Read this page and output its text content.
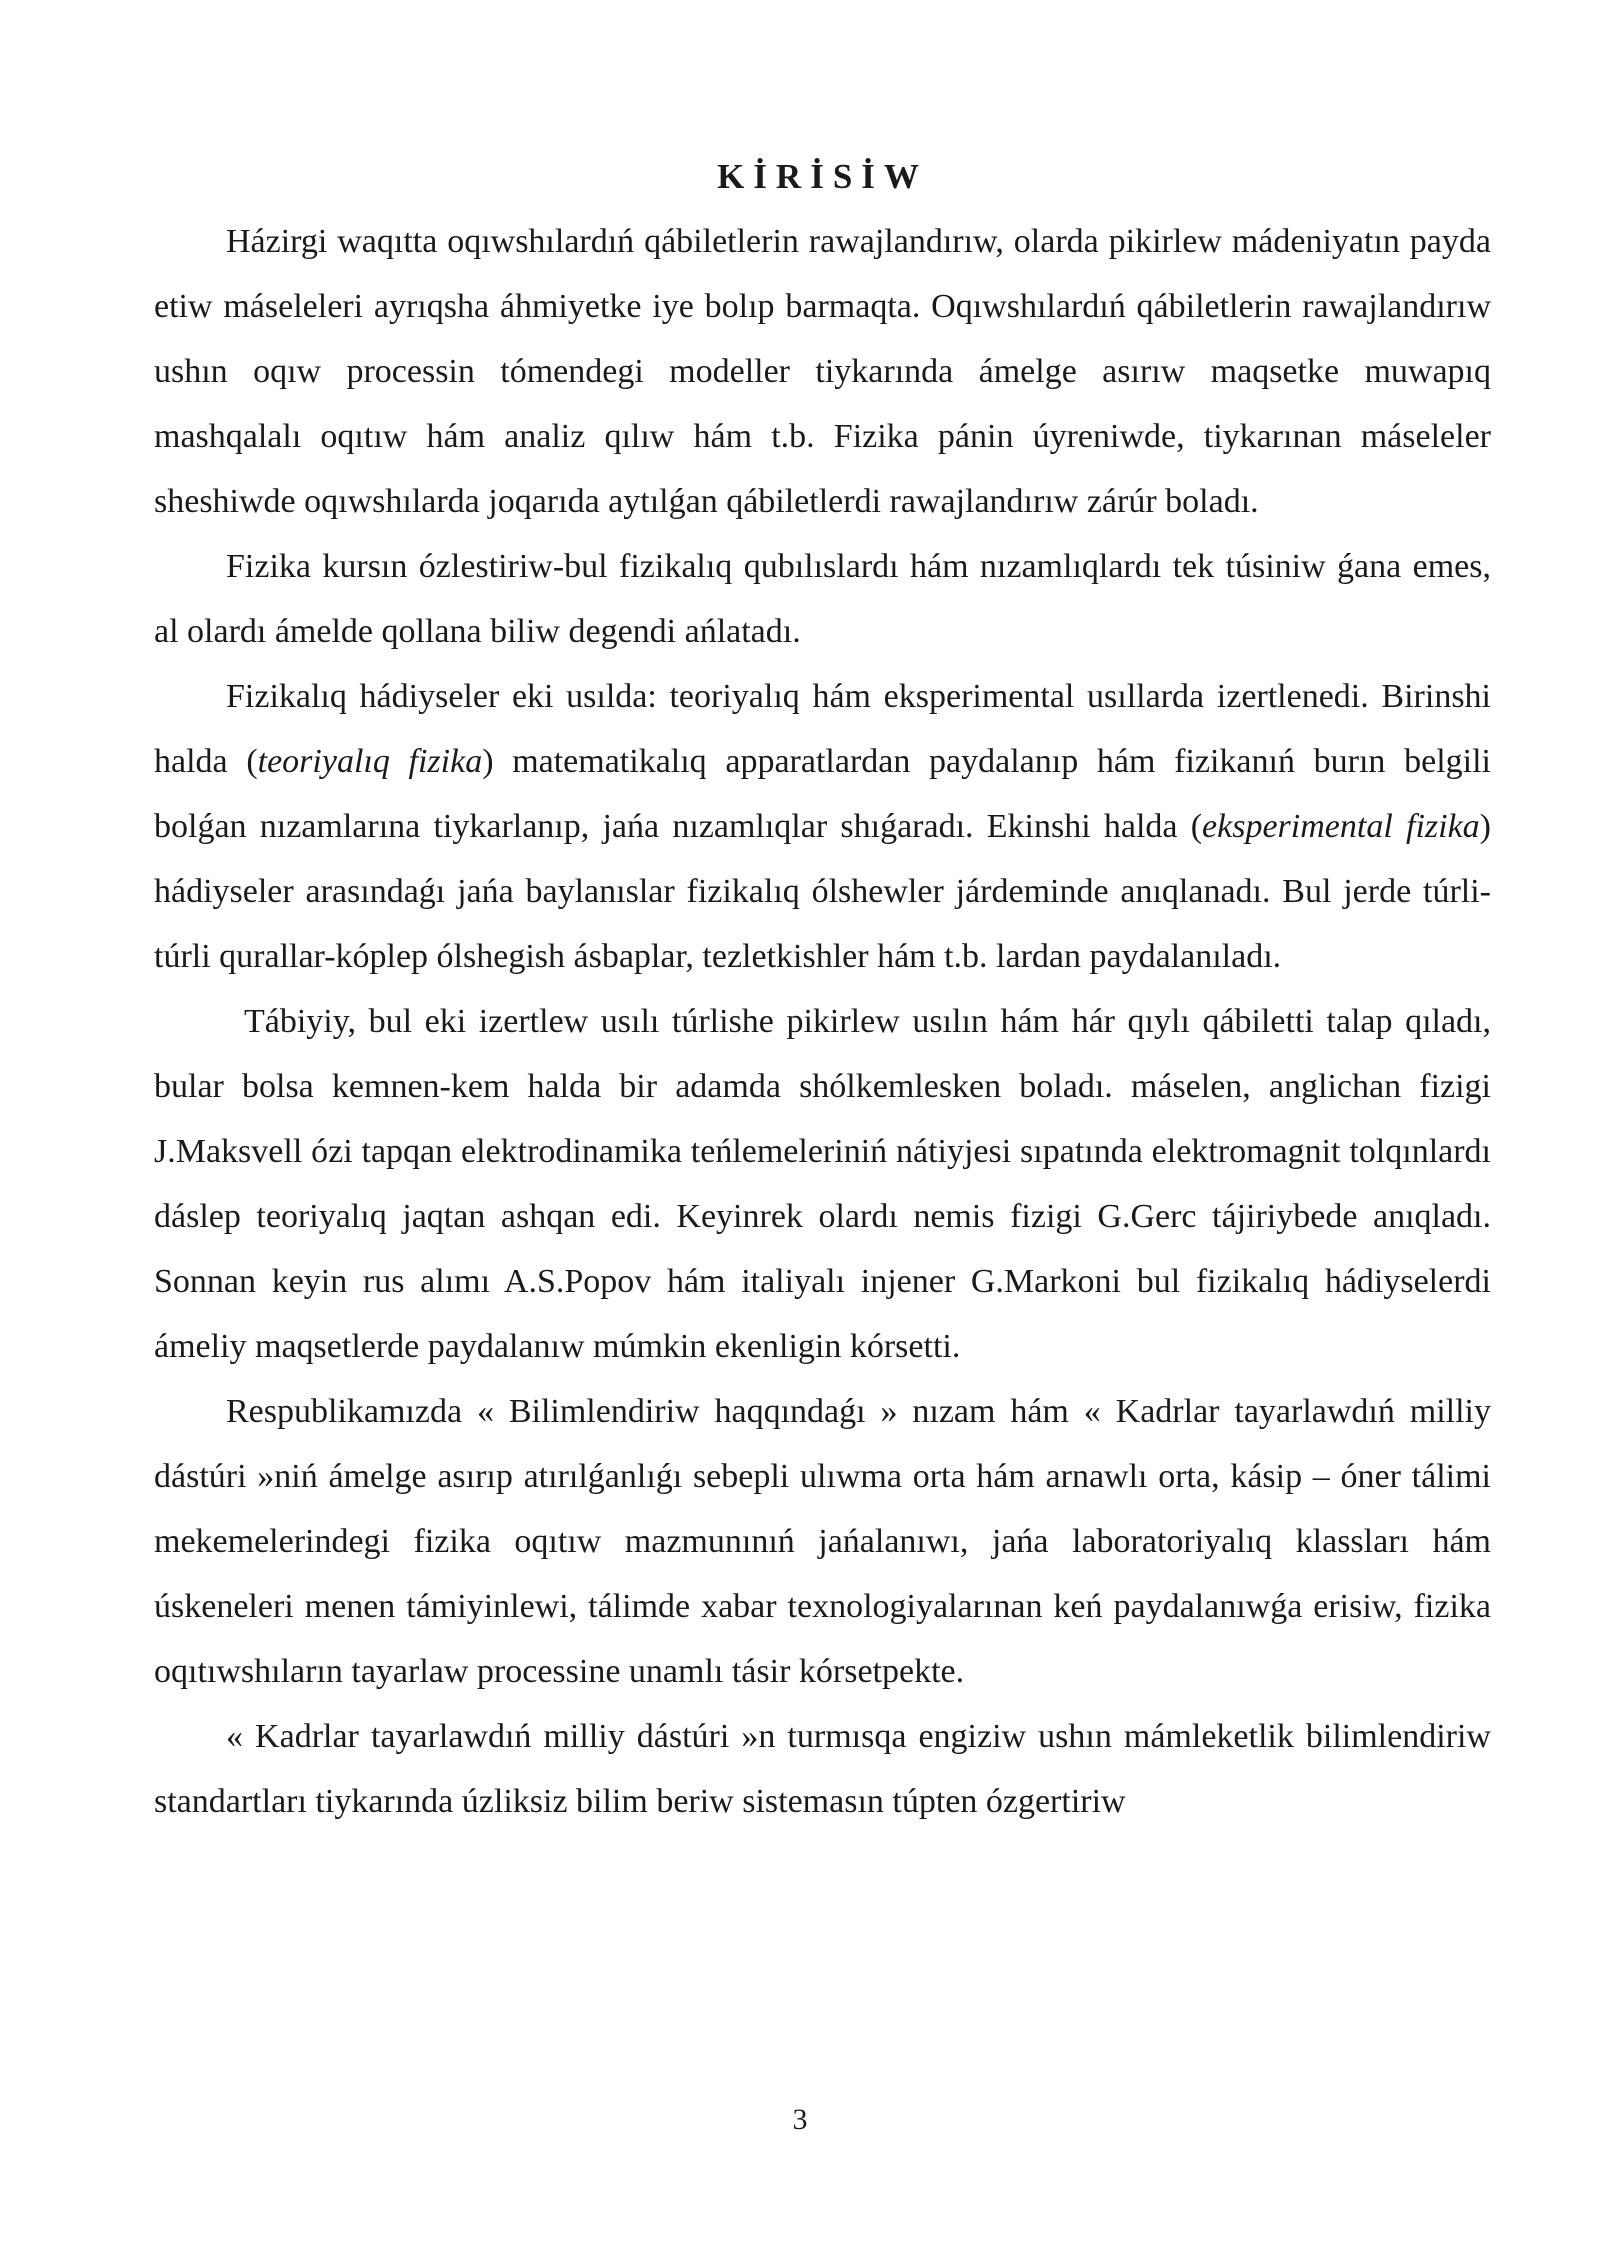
KİRİSİW

Házirgi waqıtta oqıwshılardıń qábiletlerin rawajlandırıw, olarda pikirlew mádeniyatın payda etiw máseleleri ayrıqsha áhmiyetke iye bolıp barmaqta. Oqıwshılardıń qábiletlerin rawajlandırıw ushın oqıw processin tómendegi modeller tiykarında ámelge asırıw maqsetke muwapıq mashqalalı oqıtıw hám analiz qılıw hám t.b. Fizika pánin úyreniwde, tiykarınan máseleler sheshiwde oqıwshılarda joqarıda aytılǵan qábiletlerdi rawajlandırıw zárúr boladı.

Fizika kursın ózlestiriw-bul fizikalıq qubılıslardı hám nızamlıqlardı tek túsiniw ǵana emes, al olardı ámelde qollana biliw degendi ańlatadı.

Fizikalıq hádiyseler eki usılda: teoriyalıq hám eksperimental usıllarda izertlenedi. Birinshi halda (teoriyalıq fizika) matematikalıq apparatlardan paydalanıp hám fizikanıń burın belgili bolǵan nızamlarına tiykarlanıp, jańa nızamlıqlar shıǵaradı. Ekinshi halda (eksperimental fizika) hádiyseler arasındaǵı jańa baylanıslar fizikalıq ólshewler járdeminde anıqlanadı. Bul jerde túrli-túrli qurallar-kóplep ólshegish ásbaplar, tezletkishler hám t.b. lardan paydalanıladı.

Tábiyiy, bul eki izertlew usılı túrlishe pikirlew usılın hám hár qıylı qábiletti talap qıladı, bular bolsa kemnen-kem halda bir adamda shólkemlesken boladı. máselen, anglichan fizigi J.Maksvell ózi tapqan elektrodinamika teńlemeleriniń nátiyjesi sıpatında elektromagnit tolqınlardı dáslep teoriyalıq jaqtan ashqan edi. Keyinrek olardı nemis fizigi G.Gerc tájiriybede anıqladı. Sonnan keyin rus alımı A.S.Popov hám italiyalı injener G.Markoni bul fizikalıq hádiyselerdi ámeliy maqsetlerde paydalanıw múmkin ekenligin kórsetti.

Respublikamızda « Bilimlendiriw haqqındaǵı » nızam hám « Kadrlar tayarlawdıń milliy dástúri »niń ámelge asırıp atırılǵanlıǵı sebepli ulıwma orta hám arnawlı orta, kásip – óner tálimi mekemelerindegi fizika oqıtıw mazmunınıń jańalanıwı, jańa laboratoriyalıq klassları hám úskeneleri menen támiyinlewi, tálimde xabar texnologiyalarınan keń paydalanıwǵa erisiw, fizika oqıtıwshıların tayarlaw processine unamlı tásir kórsetpekte.

« Kadrlar tayarlawdıń milliy dástúri »n turmısqa engiziw ushın mámleketlik bilimlendiriw standartları tiykarında úzliksiz bilim beriw sistemasın túpten ózgertiriw

3
